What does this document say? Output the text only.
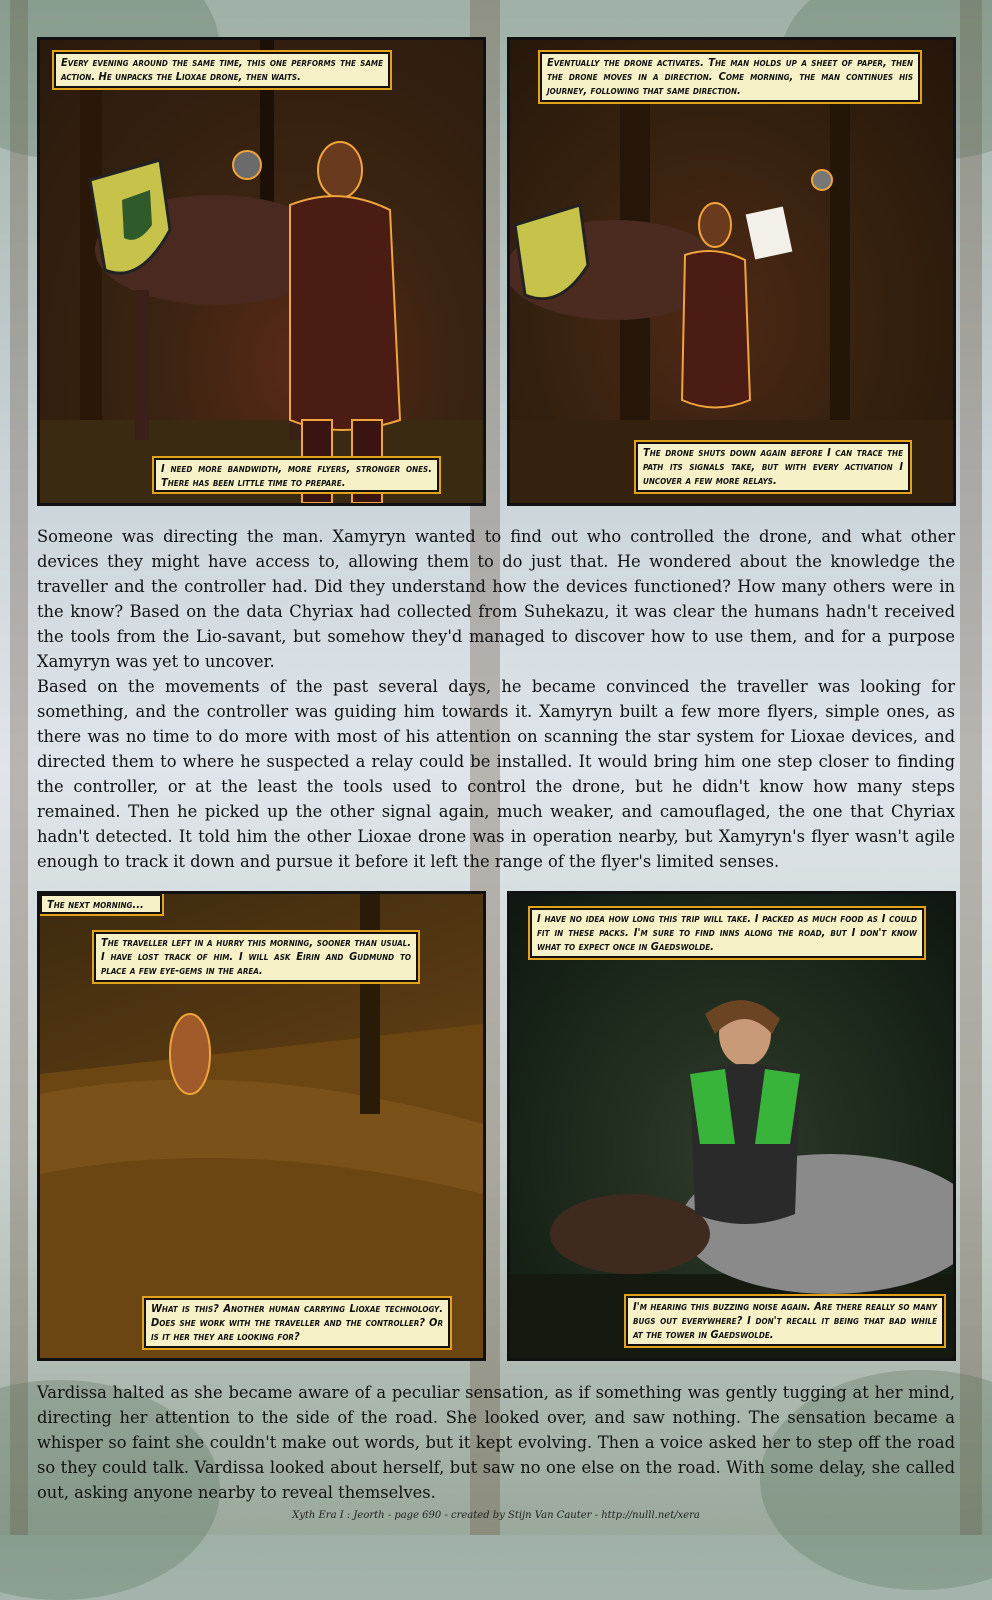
Every evening around the same time, this one performs the same action. He unpacks the Lioxae drone, then waits.
I need more bandwidth, more flyers, stronger ones. There has been little time to prepare.
Eventually the drone activates. The man holds up a sheet of paper, then the drone moves in a direction. Come morning, the man continues his journey, following that same direction.
The drone shuts down again before I can trace the path its signals take, but with every activation I uncover a few more relays.

Someone was directing the man. Xamyryn wanted to find out who controlled the drone, and what other devices they might have access to, allowing them to do just that. He wondered about the knowledge the traveller and the controller had. Did they understand how the devices functioned? How many others were in the know? Based on the data Chyriax had collected from Suhekazu, it was clear the humans hadn't received the tools from the Lio-savant, but somehow they'd managed to discover how to use them, and for a purpose Xamyryn was yet to uncover.

Based on the movements of the past several days, he became convinced the traveller was looking for something, and the controller was guiding him towards it. Xamyryn built a few more flyers, simple ones, as there was no time to do more with most of his attention on scanning the star system for Lioxae devices, and directed them to where he suspected a relay could be installed. It would bring him one step closer to finding the controller, or at the least the tools used to control the drone, but he didn't know how many steps remained. Then he picked up the other signal again, much weaker, and camouflaged, the one that Chyriax hadn't detected. It told him the other Lioxae drone was in operation nearby, but Xamyryn's flyer wasn't agile enough to track it down and pursue it before it left the range of the flyer's limited senses.

The next morning...
The traveller left in a hurry this morning, sooner than usual. I have lost track of him. I will ask Eirin and Gudmund to place a few eye-gems in the area.
What is this? Another human carrying Lioxae technology. Does she work with the traveller and the controller? Or is it her they are looking for?
I have no idea how long this trip will take. I packed as much food as I could fit in these packs. I'm sure to find inns along the road, but I don't know what to expect once in Gaedswolde.
I'm hearing this buzzing noise again. Are there really so many bugs out everywhere? I don't recall it being that bad while at the tower in Gaedswolde.

Vardissa halted as she became aware of a peculiar sensation, as if something was gently tugging at her mind, directing her attention to the side of the road. She looked over, and saw nothing. The sensation became a whisper so faint she couldn't make out words, but it kept evolving. Then a voice asked her to step off the road so they could talk. Vardissa looked about herself, but saw no one else on the road. With some delay, she called out, asking anyone nearby to reveal themselves.

Xyth Era I : Jeorth - page 690 - created by Stijn Van Cauter - http://nulll.net/xera
